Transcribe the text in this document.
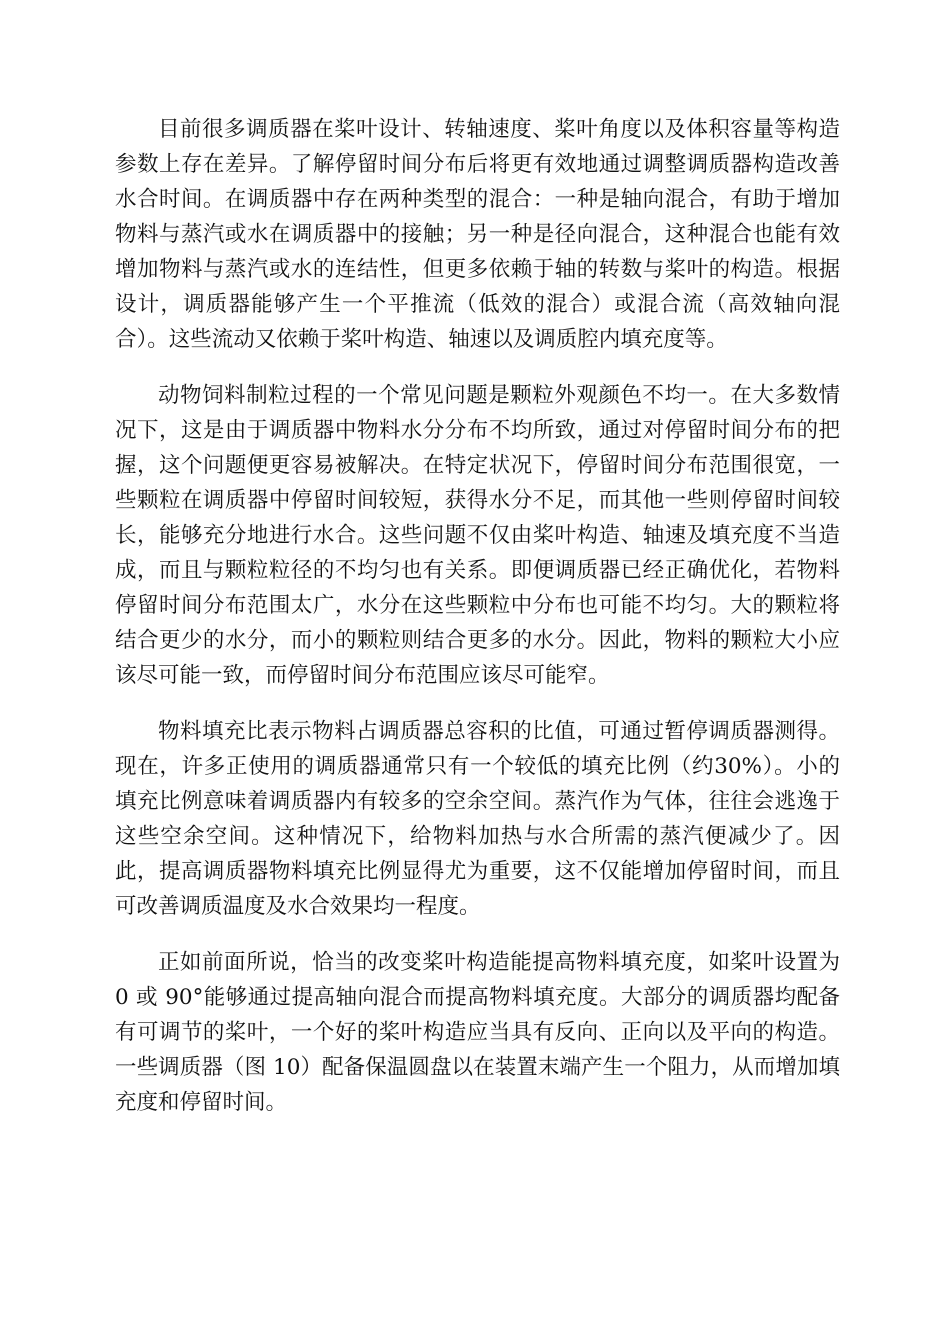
目前很多调质器在桨叶设计、转轴速度、桨叶角度以及体积容量等构造参数上存在差异。了解停留时间分布后将更有效地通过调整调质器构造改善水合时间。在调质器中存在两种类型的混合：一种是轴向混合，有助于增加物料与蒸汽或水在调质器中的接触；另一种是径向混合，这种混合也能有效增加物料与蒸汽或水的连结性，但更多依赖于轴的转数与桨叶的构造。根据设计，调质器能够产生一个平推流（低效的混合）或混合流（高效轴向混合）。这些流动又依赖于桨叶构造、轴速以及调质腔内填充度等。

动物饲料制粒过程的一个常见问题是颗粒外观颜色不均一。在大多数情况下，这是由于调质器中物料水分分布不均所致，通过对停留时间分布的把握，这个问题便更容易被解决。在特定状况下，停留时间分布范围很宽，一些颗粒在调质器中停留时间较短，获得水分不足，而其他一些则停留时间较长，能够充分地进行水合。这些问题不仅由桨叶构造、轴速及填充度不当造成，而且与颗粒粒径的不均匀也有关系。即便调质器已经正确优化，若物料停留时间分布范围太广，水分在这些颗粒中分布也可能不均匀。大的颗粒将结合更少的水分，而小的颗粒则结合更多的水分。因此，物料的颗粒大小应该尽可能一致，而停留时间分布范围应该尽可能窄。

物料填充比表示物料占调质器总容积的比值，可通过暂停调质器测得。现在，许多正使用的调质器通常只有一个较低的填充比例（约30%）。小的填充比例意味着调质器内有较多的空余空间。蒸汽作为气体，往往会逃逸于这些空余空间。这种情况下，给物料加热与水合所需的蒸汽便减少了。因此，提高调质器物料填充比例显得尤为重要，这不仅能增加停留时间，而且可改善调质温度及水合效果均一程度。

正如前面所说，恰当的改变桨叶构造能提高物料填充度，如桨叶设置为 0 或 90°能够通过提高轴向混合而提高物料填充度。大部分的调质器均配备有可调节的桨叶，一个好的桨叶构造应当具有反向、正向以及平向的构造。一些调质器（图 10）配备保温圆盘以在装置末端产生一个阻力，从而增加填充度和停留时间。
